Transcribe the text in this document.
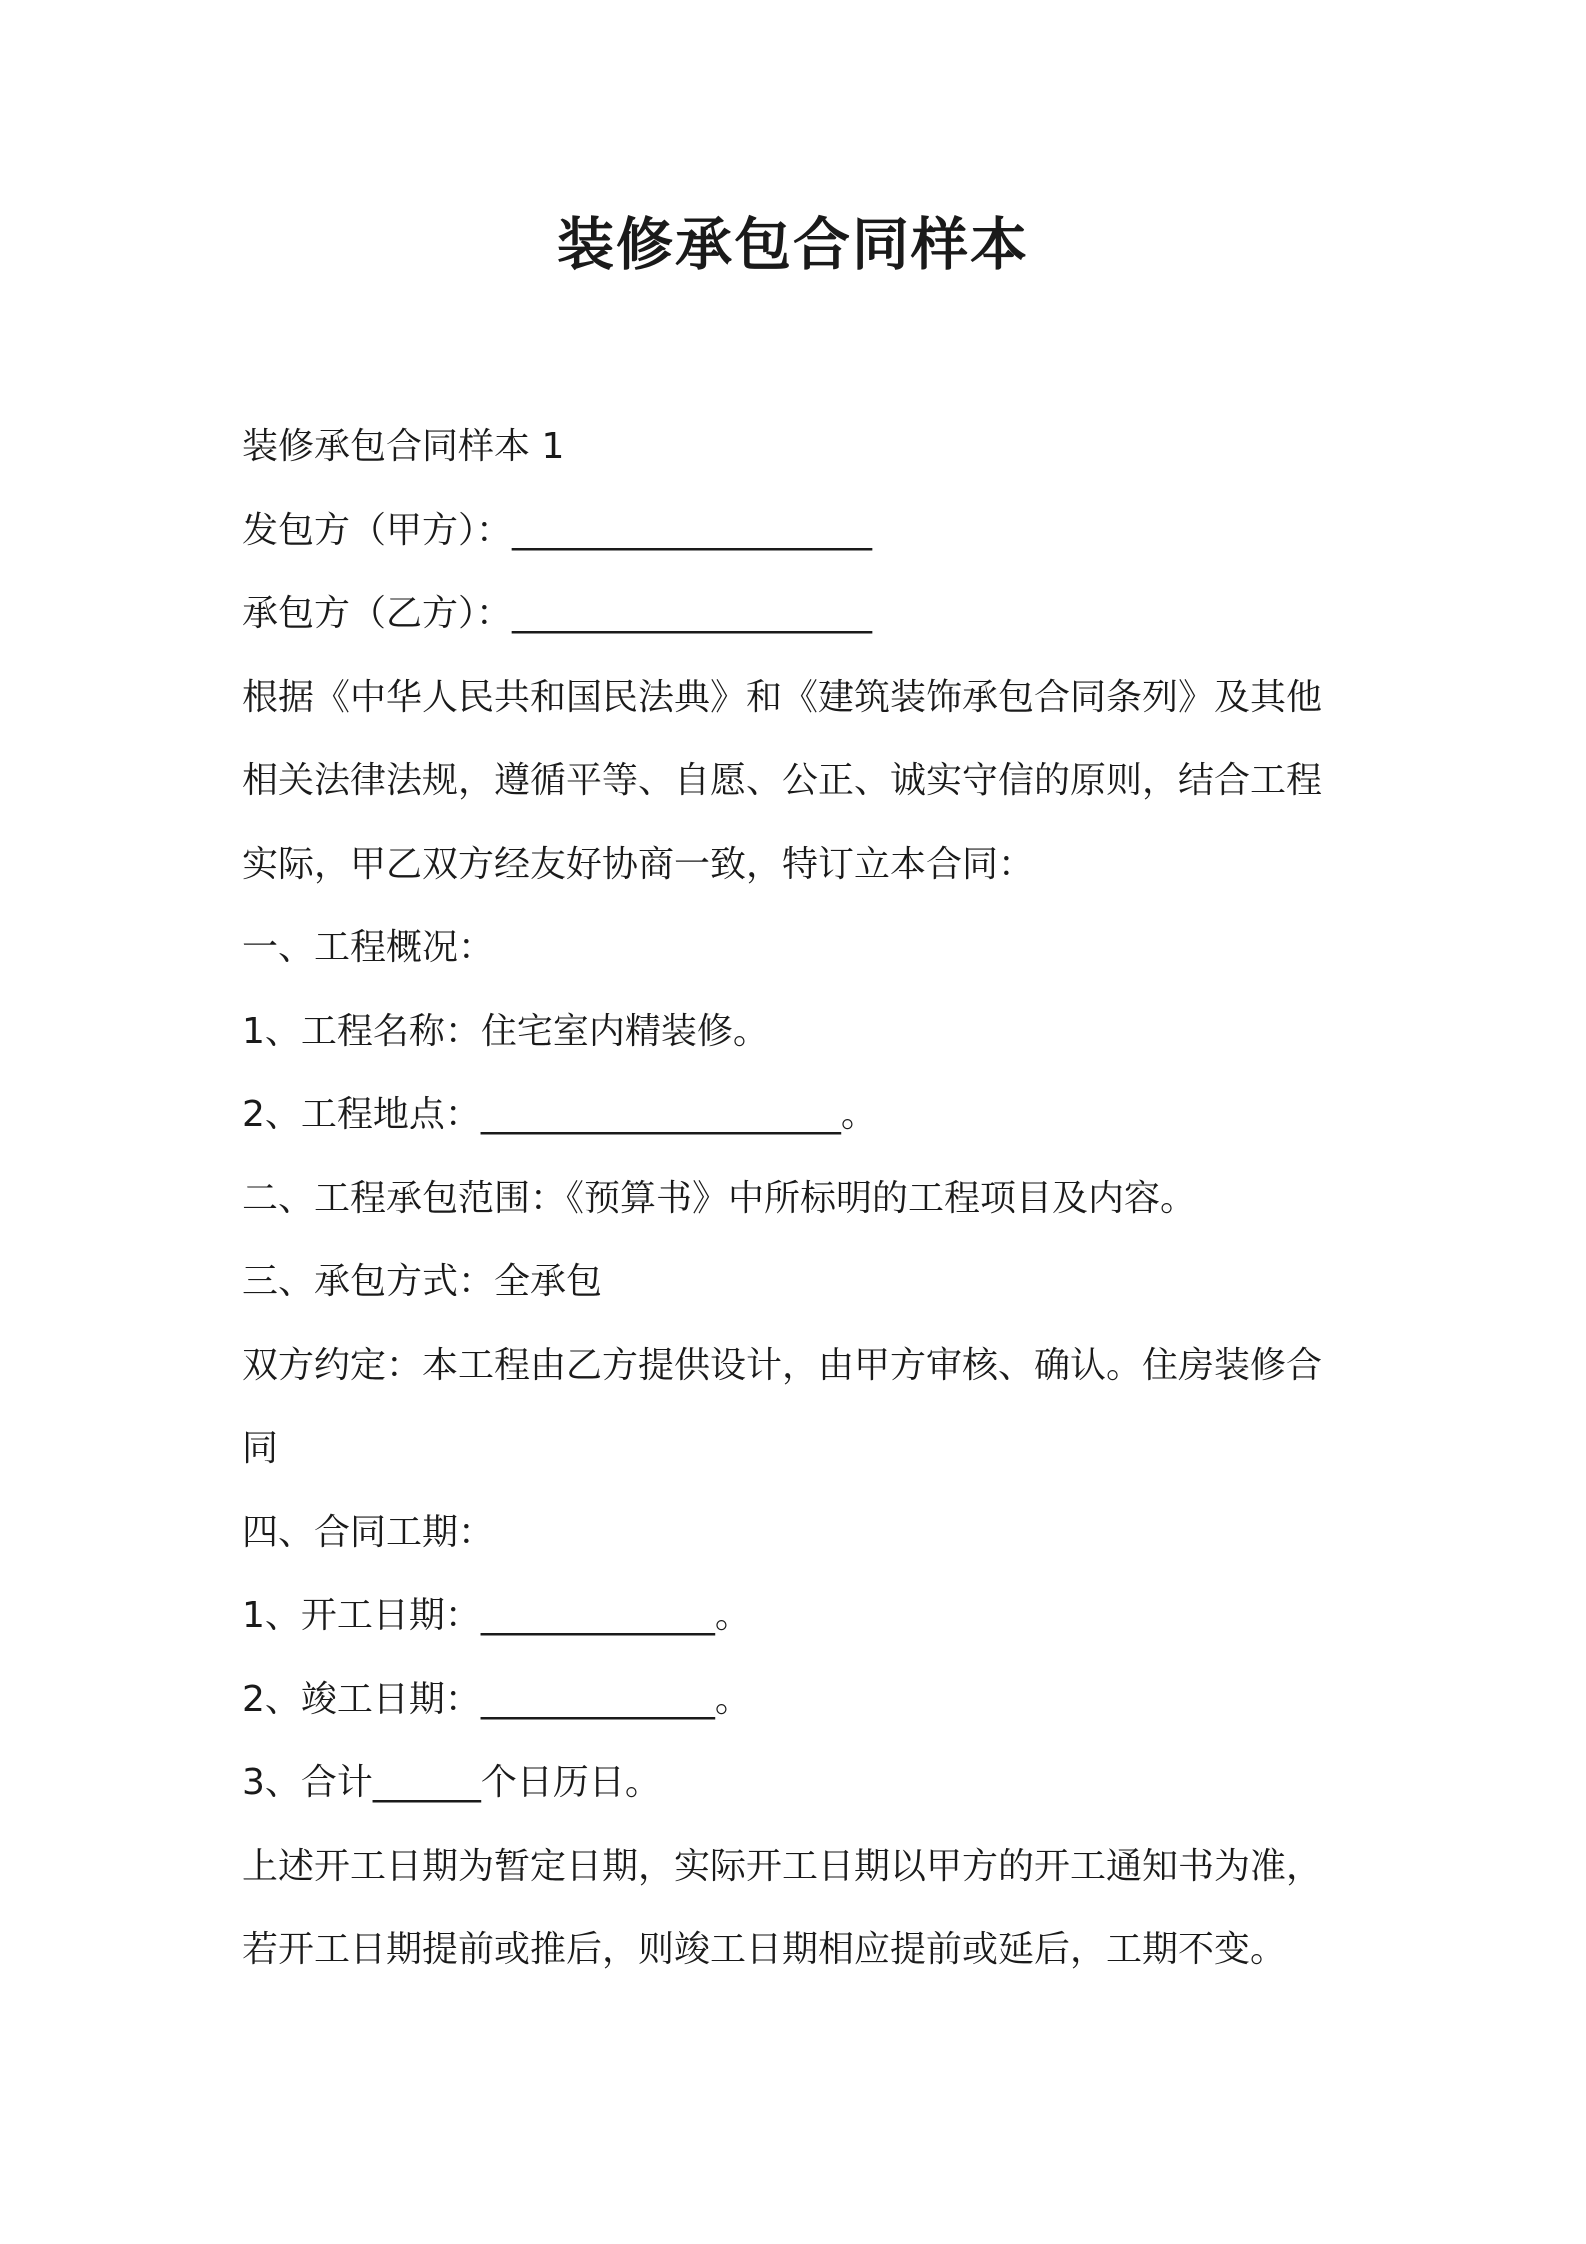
装修承包合同样本

装修承包合同样本 1

发包方（甲方）：____________________

承包方（乙方）：____________________

根据《中华人民共和国民法典》和《建筑装饰承包合同条列》及其他

相关法律法规，遵循平等、自愿、公正、诚实守信的原则，结合工程

实际，甲乙双方经友好协商一致，特订立本合同：

一、工程概况：

1、工程名称：住宅室内精装修。

2、工程地点：____________________。

二、工程承包范围：《预算书》中所标明的工程项目及内容。

三、承包方式：全承包

双方约定：本工程由乙方提供设计，由甲方审核、确认。住房装修合

同

四、合同工期：

1、开工日期：_____________。

2、竣工日期：_____________。

3、合计______个日历日。

上述开工日期为暂定日期，实际开工日期以甲方的开工通知书为准，

若开工日期提前或推后，则竣工日期相应提前或延后，工期不变。
